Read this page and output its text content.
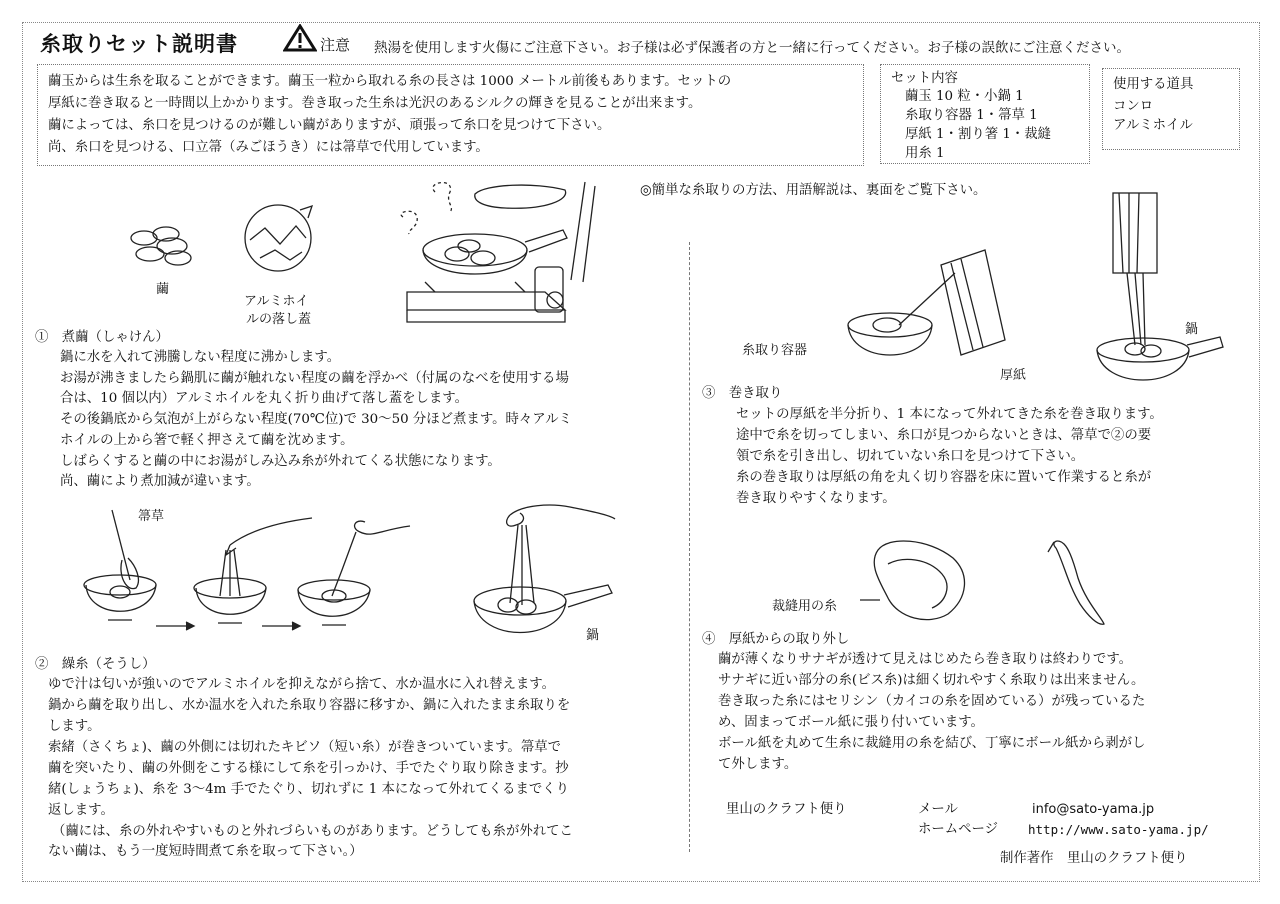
糸取りセット説明書	注意 熱湯を使用します火傷にご注意下さい。お子様は必ず保護者の方と一緒に行ってください。お子様の誤飲にご注意ください。

繭玉からは生糸を取ることができます。繭玉一粒から取れる糸の長さは 1000 メートル前後もあります。セットの

厚紙に巻き取ると一時間以上かかります。巻き取った生糸は光沢のあるシルクの輝きを見ることが出来ます。

繭によっては、糸口を見つけるのが難しい繭がありますが、頑張って糸口を見つけて下さい。

尚、糸口を見つける、口立箒（みごほうき）には箒草で代用しています。

セット内容
繭玉 10 粒・小鍋 1
糸取り容器 1・箒草 1
厚紙 1・割り箸 1・裁縫
用糸 1
使用する道具
コンロ
アルミホイル
◎簡単な糸取りの方法、用語解説は、裏面をご覧下さい。
繭
アルミホイ
ルの落し蓋
①　煮繭（しゃけん）
鍋に水を入れて沸騰しない程度に沸かします。
お湯が沸きましたら鍋肌に繭が触れない程度の繭を浮かべ（付属のなべを使用する場
合は、10 個以内）アルミホイルを丸く折り曲げて落し蓋をします。
その後鍋底から気泡が上がらない程度(70℃位)で 30〜50 分ほど煮ます。時々アルミ
ホイルの上から箸で軽く押さえて繭を沈めます。
しばらくすると繭の中にお湯がしみ込み糸が外れてくる状態になります。
尚、繭により煮加減が違います。
箒草
鍋
②　繰糸（そうし）
ゆで汁は匂いが強いのでアルミホイルを抑えながら捨て、水か温水に入れ替えます。
鍋から繭を取り出し、水か温水を入れた糸取り容器に移すか、鍋に入れたまま糸取りを
します。
索緒（さくちょ)、繭の外側には切れたキビソ（短い糸）が巻きついています。箒草で
繭を突いたり、繭の外側をこする様にして糸を引っかけ、手でたぐり取り除きます。抄
緒(しょうちょ)、糸を 3〜4m 手でたぐり、切れずに 1 本になって外れてくるまでくり
返します。
（繭には、糸の外れやすいものと外れづらいものがあります。どうしても糸が外れてこ
ない繭は、もう一度短時間煮て糸を取って下さい。）
糸取り容器
厚紙
鍋
③　巻き取り
セットの厚紙を半分折り、1 本になって外れてきた糸を巻き取ります。
途中で糸を切ってしまい、糸口が見つからないときは、箒草で②の要
領で糸を引き出し、切れていない糸口を見つけて下さい。
糸の巻き取りは厚紙の角を丸く切り容器を床に置いて作業すると糸が
巻き取りやすくなります。
裁縫用の糸
④　厚紙からの取り外し
繭が薄くなりサナギが透けて見えはじめたら巻き取りは終わりです。
サナギに近い部分の糸(ビス糸)は細く切れやすく糸取りは出来ません。
巻き取った糸にはセリシン（カイコの糸を固めている）が残っているた
め、固まってボール紙に張り付いています。
ボール紙を丸めて生糸に裁縫用の糸を結び、丁寧にボール紙から剥がし
て外します。
里山のクラフト便り	メール	info@sato-yama.jp
ホームページ http://www.sato-yama.jp/
制作著作　里山のクラフト便り
